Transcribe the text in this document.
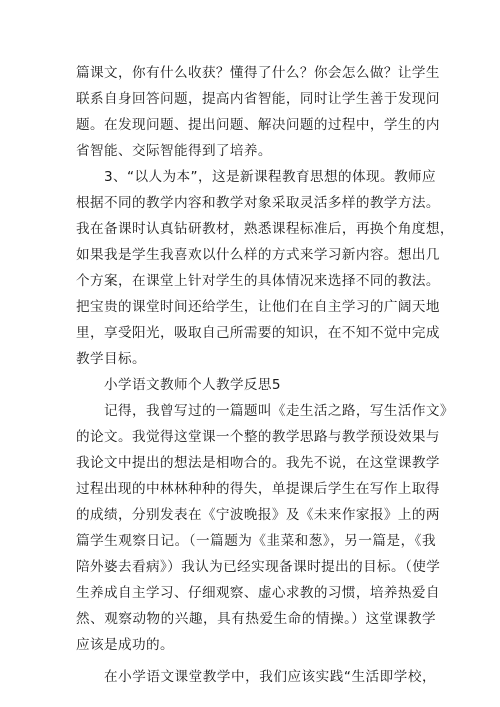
篇课文，你有什么收获？懂得了什么？你会怎么做？让学生
联系自身回答问题，提高内省智能，同时让学生善于发现问
题。在发现问题、提出问题、解决问题的过程中，学生的内
省智能、交际智能得到了培养。
3、“以人为本”，这是新课程教育思想的体现。教师应
根据不同的教学内容和教学对象采取灵活多样的教学方法。
我在备课时认真钻研教材，熟悉课程标准后，再换个角度想，
如果我是学生我喜欢以什么样的方式来学习新内容。想出几
个方案，在课堂上针对学生的具体情况来选择不同的教法。
把宝贵的课堂时间还给学生，让他们在自主学习的广阔天地
里，享受阳光，吸取自己所需要的知识，在不知不觉中完成
教学目标。
小学语文教师个人教学反思5
记得，我曾写过的一篇题叫《走生活之路，写生活作文》
的论文。我觉得这堂课一个整的教学思路与教学预设效果与
我论文中提出的想法是相吻合的。我先不说，在这堂课教学
过程出现的中林林种种的得失，单提课后学生在写作上取得
的成绩，分别发表在《宁波晚报》及《未来作家报》上的两
篇学生观察日记。（一篇题为《韭菜和葱》，另一篇是，《我
陪外婆去看病》）我认为已经实现备课时提出的目标。（使学
生养成自主学习、仔细观察、虚心求教的习惯，培养热爱自
然、观察动物的兴趣，具有热爱生命的情操。）这堂课教学
应该是成功的。
在小学语文课堂教学中，我们应该实践“生活即学校，
